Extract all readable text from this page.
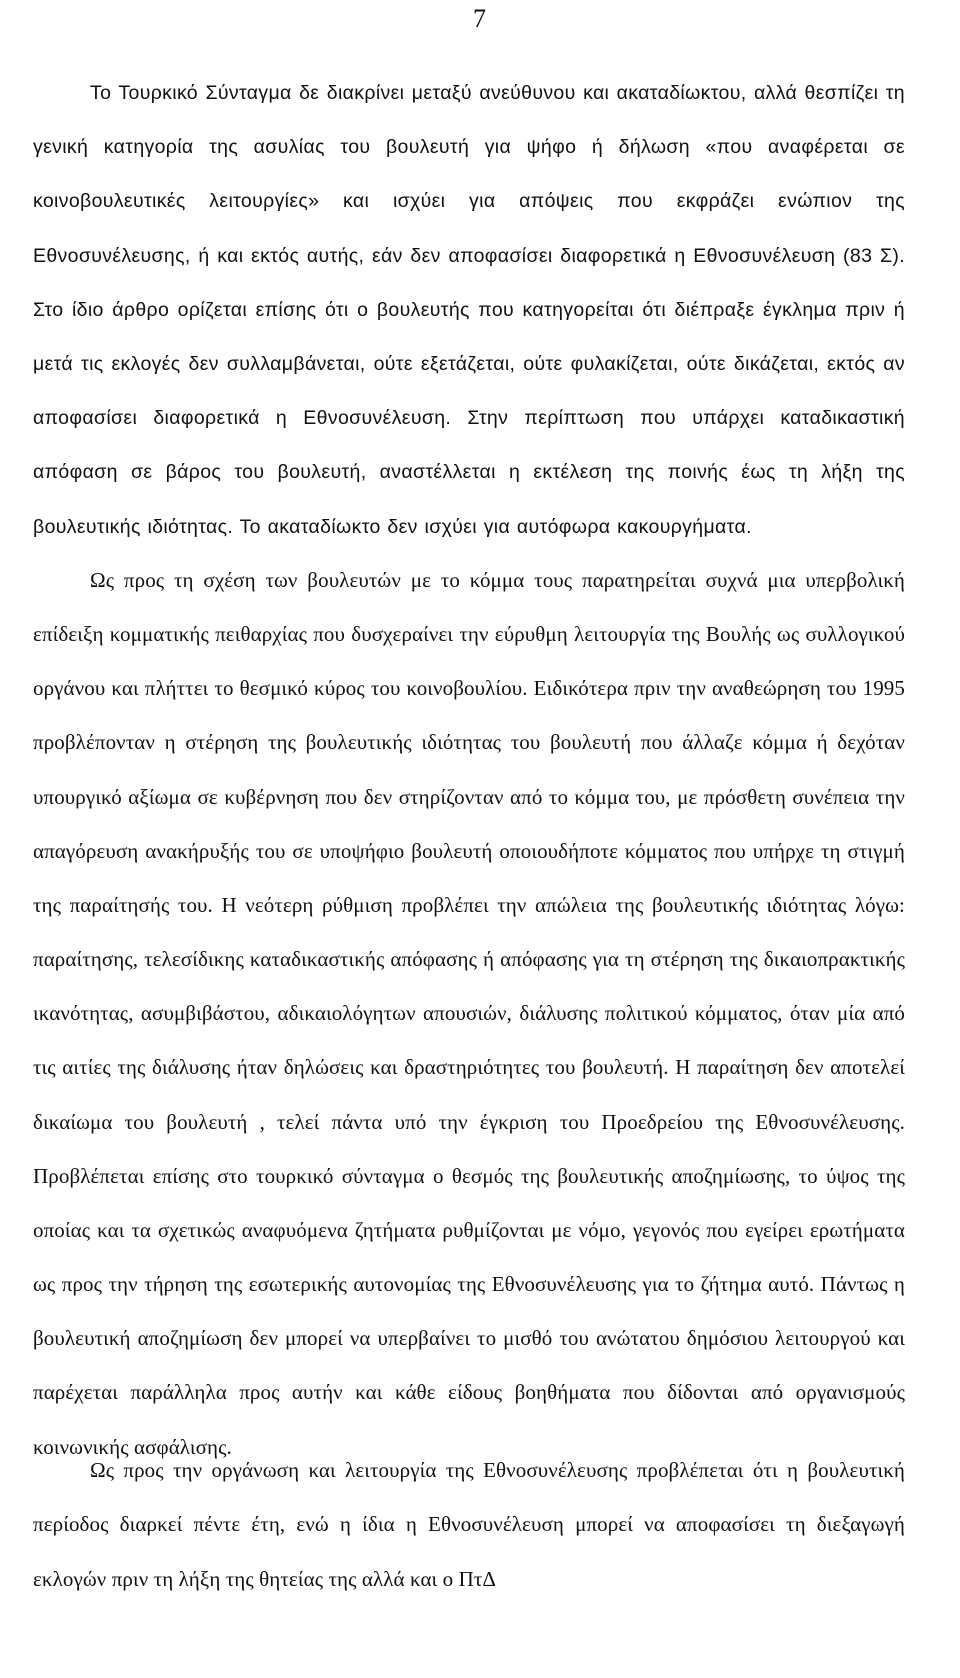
7

Το Τουρκικό Σύνταγμα δε διακρίνει μεταξύ ανεύθυνου και ακαταδίωκτου, αλλά θεσπίζει τη γενική κατηγορία της ασυλίας του βουλευτή για ψήφο ή δήλωση «που αναφέρεται σε κοινοβουλευτικές λειτουργίες» και ισχύει για απόψεις που εκφράζει ενώπιον της Εθνοσυνέλευσης, ή και εκτός αυτής, εάν δεν αποφασίσει διαφορετικά η Εθνοσυνέλευση (83 Σ). Στο ίδιο άρθρο ορίζεται επίσης ότι ο βουλευτής που κατηγορείται ότι διέπραξε έγκλημα πριν ή μετά τις εκλογές δεν συλλαμβάνεται, ούτε εξετάζεται, ούτε φυλακίζεται, ούτε δικάζεται, εκτός αν αποφασίσει διαφορετικά η Εθνοσυνέλευση. Στην περίπτωση που υπάρχει καταδικαστική απόφαση σε βάρος του βουλευτή, αναστέλλεται η εκτέλεση της ποινής έως τη λήξη της βουλευτικής ιδιότητας. Το ακαταδίωκτο δεν ισχύει για αυτόφωρα κακουργήματα.

Ως προς τη σχέση των βουλευτών με το κόμμα τους παρατηρείται συχνά μια υπερβολική επίδειξη κομματικής πειθαρχίας που δυσχεραίνει την εύρυθμη λειτουργία της Βουλής ως συλλογικού οργάνου και πλήττει το θεσμικό κύρος του κοινοβουλίου. Ειδικότερα πριν την αναθεώρηση του 1995 προβλέπονταν η στέρηση της βουλευτικής ιδιότητας του βουλευτή που άλλαζε κόμμα ή δεχόταν υπουργικό αξίωμα σε κυβέρνηση που δεν στηρίζονταν από το κόμμα του, με πρόσθετη συνέπεια την απαγόρευση ανακήρυξής του σε υποψήφιο βουλευτή οποιουδήποτε κόμματος που υπήρχε τη στιγμή της παραίτησής του. Η νεότερη ρύθμιση προβλέπει την απώλεια της βουλευτικής ιδιότητας λόγω: παραίτησης, τελεσίδικης καταδικαστικής απόφασης ή απόφασης για τη στέρηση της δικαιοπρακτικής ικανότητας, ασυμβιβάστου, αδικαιολόγητων απουσιών, διάλυσης πολιτικού κόμματος, όταν μία από τις αιτίες της διάλυσης ήταν δηλώσεις και δραστηριότητες του βουλευτή. Η παραίτηση δεν αποτελεί δικαίωμα του βουλευτή , τελεί πάντα υπό την έγκριση του Προεδρείου της Εθνοσυνέλευσης. Προβλέπεται επίσης στο τουρκικό σύνταγμα ο θεσμός της βουλευτικής αποζημίωσης, το ύψος της οποίας και τα σχετικώς αναφυόμενα ζητήματα ρυθμίζονται με νόμο, γεγονός που εγείρει ερωτήματα ως προς την τήρηση της εσωτερικής αυτονομίας της Εθνοσυνέλευσης για το ζήτημα αυτό. Πάντως η βουλευτική αποζημίωση δεν μπορεί να υπερβαίνει το μισθό του ανώτατου δημόσιου λειτουργού και παρέχεται παράλληλα προς αυτήν και κάθε είδους βοηθήματα που δίδονται από οργανισμούς κοινωνικής ασφάλισης.

Ως προς την οργάνωση και λειτουργία της Εθνοσυνέλευσης προβλέπεται ότι η βουλευτική περίοδος διαρκεί πέντε έτη, ενώ η ίδια η Εθνοσυνέλευση μπορεί να αποφασίσει τη διεξαγωγή εκλογών πριν τη λήξη της θητείας της αλλά και ο ΠτΔ
